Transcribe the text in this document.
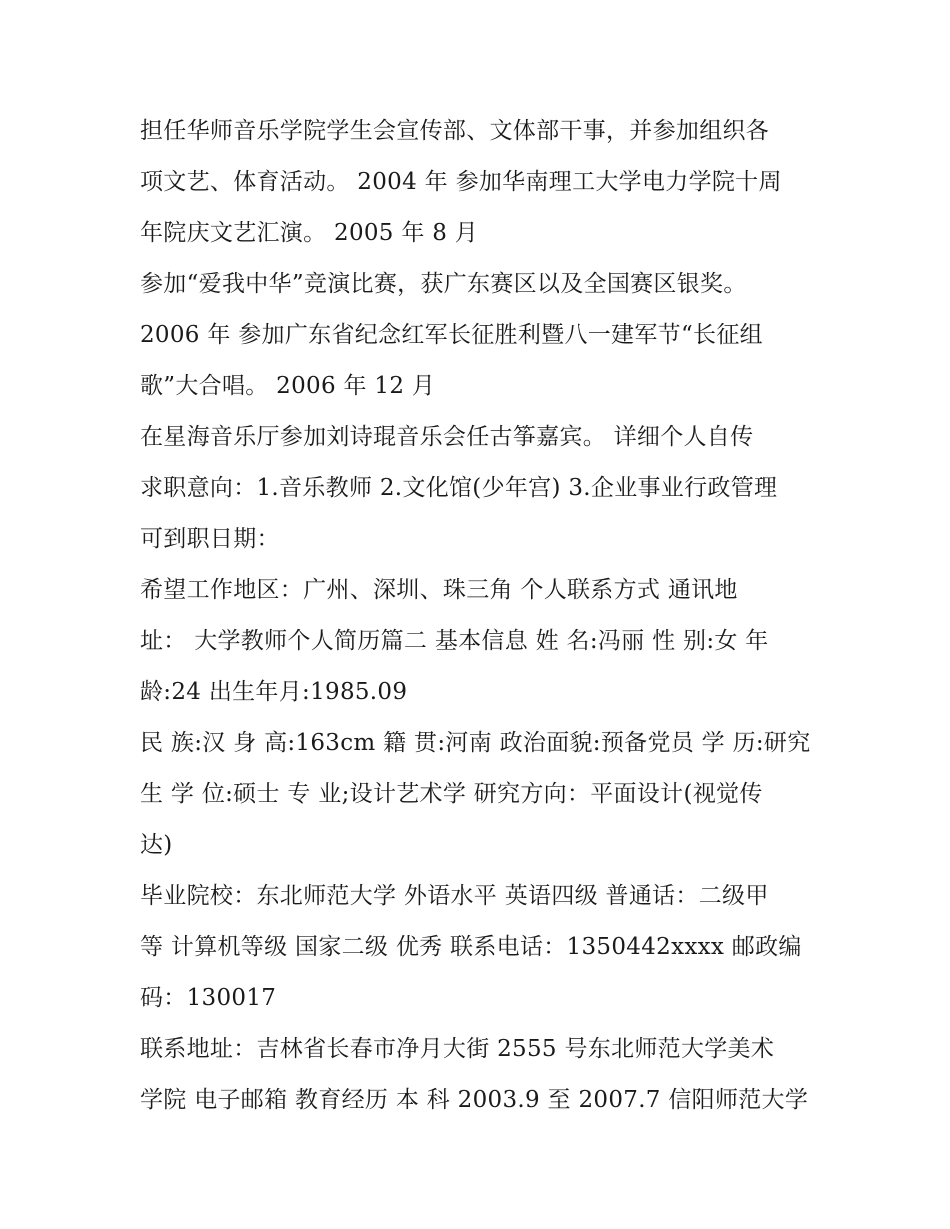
担任华师音乐学院学生会宣传部、文体部干事，并参加组织各
项文艺、体育活动。 2004 年 参加华南理工大学电力学院十周
年院庆文艺汇演。 2005 年 8 月
参加“爱我中华”竞演比赛，获广东赛区以及全国赛区银奖。
2006 年 参加广东省纪念红军长征胜利暨八一建军节“长征组
歌”大合唱。 2006 年 12 月
在星海音乐厅参加刘诗琨音乐会任古筝嘉宾。 详细个人自传
求职意向：1.音乐教师 2.文化馆(少年宫) 3.企业事业行政管理
可到职日期：
希望工作地区：广州、深圳、珠三角 个人联系方式 通讯地
址： 大学教师个人简历篇二 基本信息 姓 名:冯丽 性 别:女 年
龄:24 出生年月:1985.09
民 族:汉 身 高:163cm 籍 贯:河南 政治面貌:预备党员 学 历:研究
生 学 位:硕士 专 业;设计艺术学 研究方向：平面设计(视觉传
达)
毕业院校：东北师范大学 外语水平 英语四级 普通话：二级甲
等 计算机等级 国家二级 优秀 联系电话：1350442xxxx 邮政编
码：130017
联系地址：吉林省长春市净月大街 2555 号东北师范大学美术
学院 电子邮箱 教育经历 本 科 2003.9 至 2007.7 信阳师范大学
